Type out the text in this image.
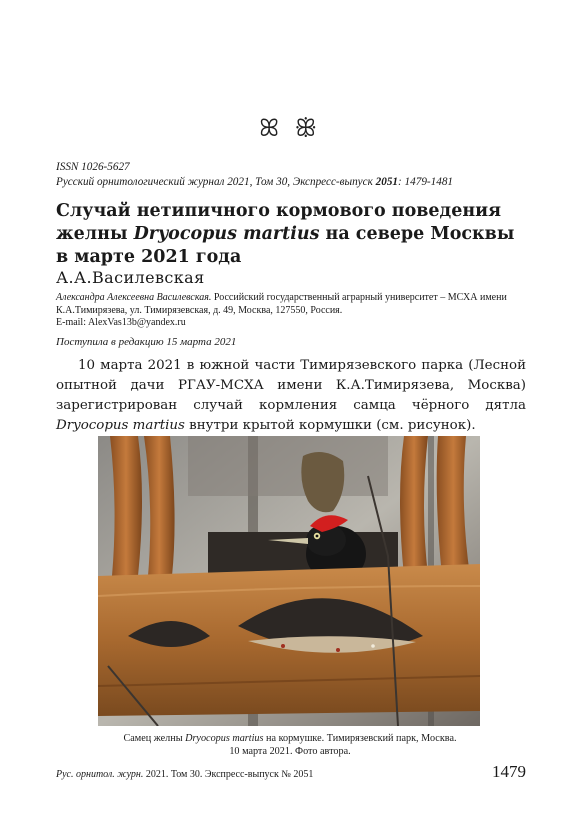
ꕤ ꕥ
ISSN 1026-5627
Русский орнитологический журнал 2021, Том 30, Экспресс-выпуск 2051: 1479-1481
Случай нетипичного кормового поведения желны Dryocopus martius на севере Москвы в марте 2021 года
А.А.Василевская
Александра Алексеевна Василевская. Российский государственный аграрный университет – МСХА имени К.А.Тимирязева, ул. Тимирязевская, д. 49, Москва, 127550, Россия.
E-mail: AlexVas13b@yandex.ru
Поступила в редакцию 15 марта 2021

10 марта 2021 в южной части Тимирязевского парка (Лесной опытной дачи РГАУ-МСХА имени К.А.Тимирязева, Москва) зарегистрирован случай кормления самца чёрного дятла Dryocopus martius внутри крытой кормушки (см. рисунок).

Самец желны Dryocopus martius на кормушке. Тимирязевский парк, Москва.
10 марта 2021. Фото автора.
Рус. орнитол. журн. 2021. Том 30. Экспресс-выпуск № 2051	1479
